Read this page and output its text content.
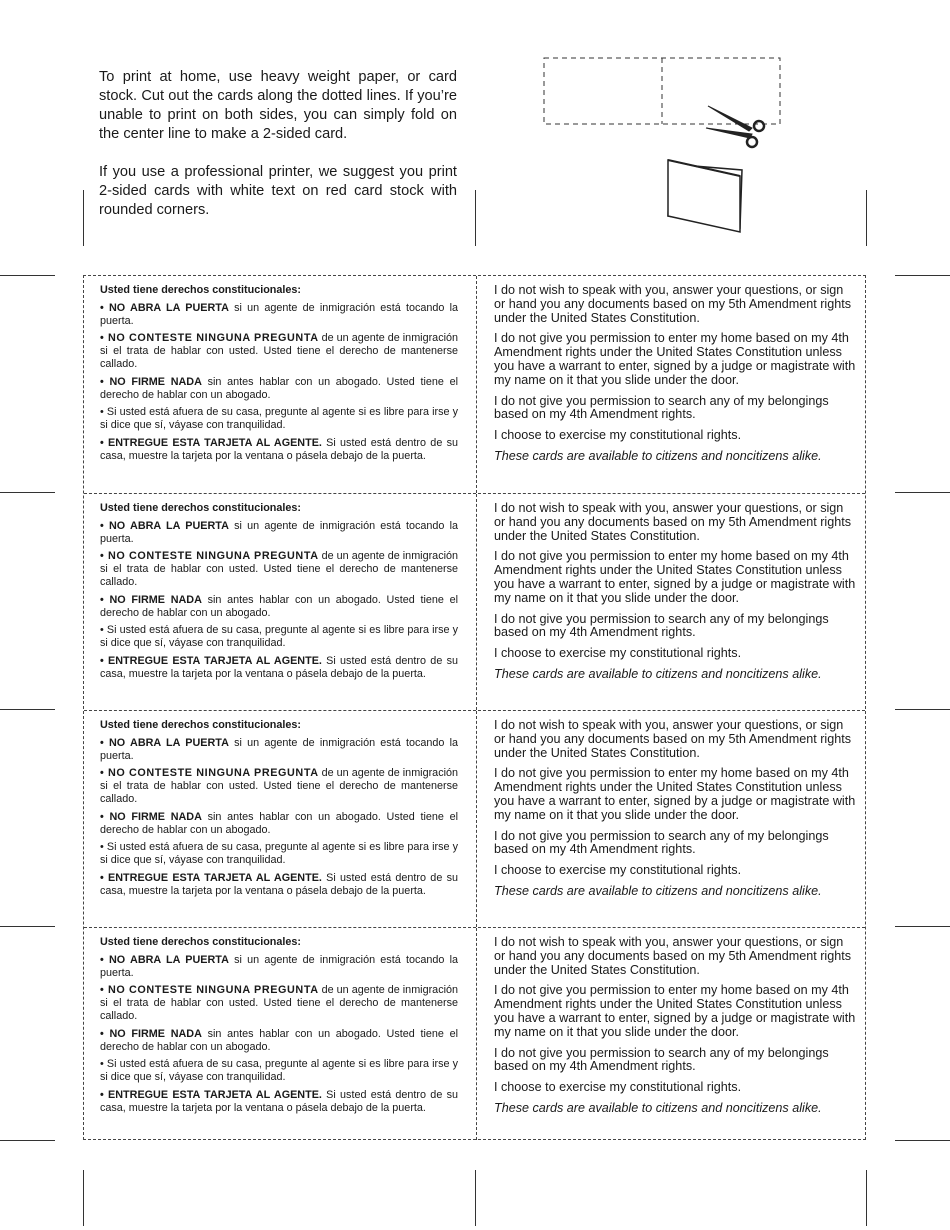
To print at home, use heavy weight paper, or card stock. Cut out the cards along the dotted lines. If you’re unable to print on both sides, you can simply fold on the center line to make a 2-sided card.

If you use a professional printer, we suggest you print 2-sided cards with white text on red card stock with rounded corners.

Usted tiene derechos constitucionales:

• NO ABRA LA PUERTA si un agente de inmigración está tocando la puerta.

• NO CONTESTE NINGUNA PREGUNTA de un agente de inmigración si el trata de hablar con usted. Usted tiene el derecho de mantenerse callado.

• NO FIRME NADA sin antes hablar con un abogado. Usted tiene el derecho de hablar con un abogado.

• Si usted está afuera de su casa, pregunte al agente si es libre para irse y si dice que sí, váyase con tranquilidad.

• ENTREGUE ESTA TARJETA AL AGENTE. Si usted está dentro de su casa, muestre la tarjeta por la ventana o pásela debajo de la puerta.

I do not wish to speak with you, answer your questions, or sign or hand you any documents based on my 5th Amendment rights under the United States Constitution.

I do not give you permission to enter my home based on my 4th Amendment rights under the United States Constitution unless you have a warrant to enter, signed by a judge or magistrate with my name on it that you slide under the door.

I do not give you permission to search any of my belongings based on my 4th Amendment rights.

I choose to exercise my constitutional rights.

These cards are available to citizens and noncitizens alike.

Usted tiene derechos constitucionales:

• NO ABRA LA PUERTA si un agente de inmigración está tocando la puerta.

• NO CONTESTE NINGUNA PREGUNTA de un agente de inmigración si el trata de hablar con usted. Usted tiene el derecho de mantenerse callado.

• NO FIRME NADA sin antes hablar con un abogado. Usted tiene el derecho de hablar con un abogado.

• Si usted está afuera de su casa, pregunte al agente si es libre para irse y si dice que sí, váyase con tranquilidad.

• ENTREGUE ESTA TARJETA AL AGENTE. Si usted está dentro de su casa, muestre la tarjeta por la ventana o pásela debajo de la puerta.

I do not wish to speak with you, answer your questions, or sign or hand you any documents based on my 5th Amendment rights under the United States Constitution.

I do not give you permission to enter my home based on my 4th Amendment rights under the United States Constitution unless you have a warrant to enter, signed by a judge or magistrate with my name on it that you slide under the door.

I do not give you permission to search any of my belongings based on my 4th Amendment rights.

I choose to exercise my constitutional rights.

These cards are available to citizens and noncitizens alike.

Usted tiene derechos constitucionales:

• NO ABRA LA PUERTA si un agente de inmigración está tocando la puerta.

• NO CONTESTE NINGUNA PREGUNTA de un agente de inmigración si el trata de hablar con usted. Usted tiene el derecho de mantenerse callado.

• NO FIRME NADA sin antes hablar con un abogado. Usted tiene el derecho de hablar con un abogado.

• Si usted está afuera de su casa, pregunte al agente si es libre para irse y si dice que sí, váyase con tranquilidad.

• ENTREGUE ESTA TARJETA AL AGENTE. Si usted está dentro de su casa, muestre la tarjeta por la ventana o pásela debajo de la puerta.

I do not wish to speak with you, answer your questions, or sign or hand you any documents based on my 5th Amendment rights under the United States Constitution.

I do not give you permission to enter my home based on my 4th Amendment rights under the United States Constitution unless you have a warrant to enter, signed by a judge or magistrate with my name on it that you slide under the door.

I do not give you permission to search any of my belongings based on my 4th Amendment rights.

I choose to exercise my constitutional rights.

These cards are available to citizens and noncitizens alike.

Usted tiene derechos constitucionales:

• NO ABRA LA PUERTA si un agente de inmigración está tocando la puerta.

• NO CONTESTE NINGUNA PREGUNTA de un agente de inmigración si el trata de hablar con usted. Usted tiene el derecho de mantenerse callado.

• NO FIRME NADA sin antes hablar con un abogado. Usted tiene el derecho de hablar con un abogado.

• Si usted está afuera de su casa, pregunte al agente si es libre para irse y si dice que sí, váyase con tranquilidad.

• ENTREGUE ESTA TARJETA AL AGENTE. Si usted está dentro de su casa, muestre la tarjeta por la ventana o pásela debajo de la puerta.

I do not wish to speak with you, answer your questions, or sign or hand you any documents based on my 5th Amendment rights under the United States Constitution.

I do not give you permission to enter my home based on my 4th Amendment rights under the United States Constitution unless you have a warrant to enter, signed by a judge or magistrate with my name on it that you slide under the door.

I do not give you permission to search any of my belongings based on my 4th Amendment rights.

I choose to exercise my constitutional rights.

These cards are available to citizens and noncitizens alike.
